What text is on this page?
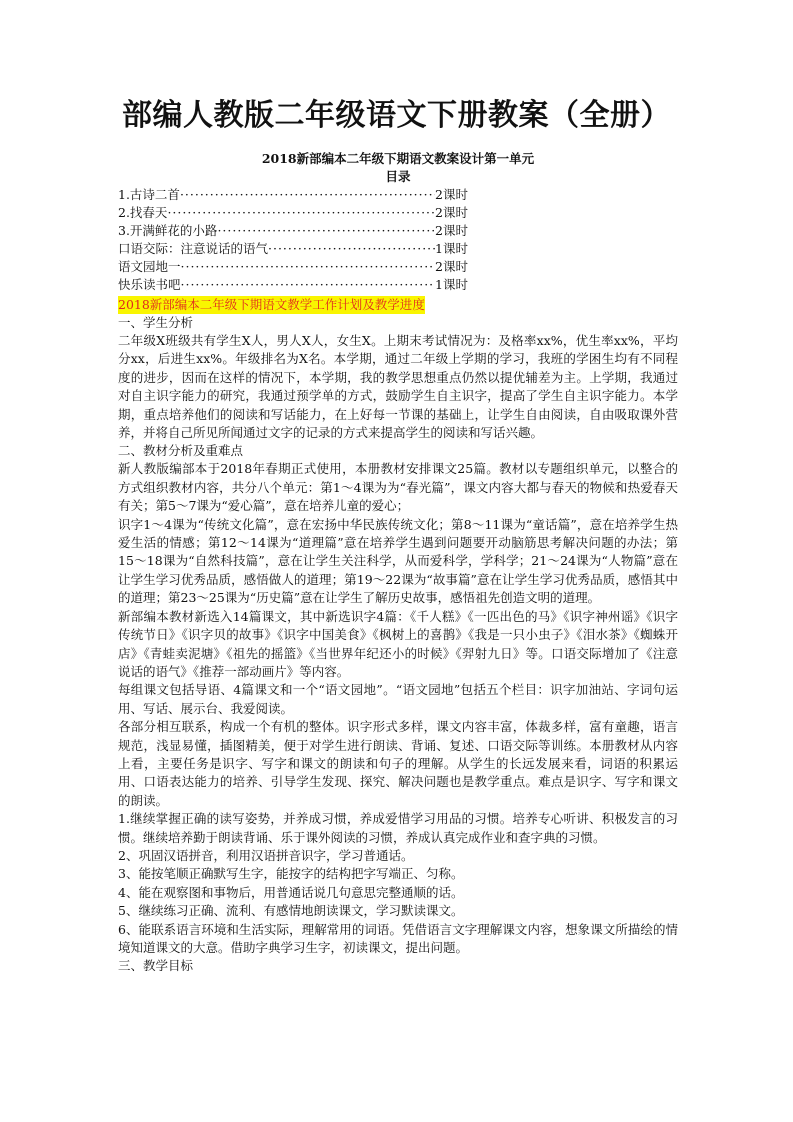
部编人教版二年级语文下册教案（全册）
2018新部编本二年级下期语文教案设计第一单元
目录
1.古诗二首 ·····	2课时
2.找春天 ·····	2课时
3.开满鲜花的小路 ·····	2课时
口语交际：注意说话的语气 ·····	1课时
语文园地一 ·····	2课时
快乐读书吧 ·····	1课时
2018新部编本二年级下期语文教学工作计划及教学进度
一、学生分析

二年级X班级共有学生X人，男人X人，女生X。上期末考试情况为：及格率xx%，优生率xx%，平均分xx，后进生xx%。年级排名为X名。本学期，通过二年级上学期的学习，我班的学困生均有不同程度的进步，因而在这样的情况下，本学期，我的教学思想重点仍然以提优辅差为主。上学期，我通过对自主识字能力的研究，我通过预学单的方式，鼓励学生自主识字，提高了学生自主识字能力。本学期，重点培养他们的阅读和写话能力，在上好每一节课的基础上，让学生自由阅读，自由吸取课外营养，并将自己所见所闻通过文字的记录的方式来提高学生的阅读和写话兴趣。

二、教材分析及重难点

新人教版编部本于2018年春期正式使用，本册教材安排课文25篇。教材以专题组织单元，以整合的方式组织教材内容，共分八个单元：第1～4课为为“春光篇”，课文内容大都与春天的物候和热爱春天有关；第5～7课为“爱心篇”，意在培养儿童的爱心；

识字1～4课为“传统文化篇”，意在宏扬中华民族传统文化；第8～11课为“童话篇”，意在培养学生热爱生活的情感；第12～14课为“道理篇”意在培养学生遇到问题要开动脑筋思考解决问题的办法；第15～18课为“自然科技篇”，意在让学生关注科学，从而爱科学，学科学；21～24课为“人物篇”意在让学生学习优秀品质，感悟做人的道理；第19～22课为“故事篇”意在让学生学习优秀品质，感悟其中的道理；第23～25课为“历史篇”意在让学生了解历史故事，感悟祖先创造文明的道理。

新部编本教材新选入14篇课文，其中新选识字4篇：《千人糕》《一匹出色的马》《识字神州谣》《识字传统节日》《识字贝的故事》《识字中国美食》《枫树上的喜鹊》《我是一只小虫子》《泪水茶》《蜘蛛开店》《青蛙卖泥塘》《祖先的摇篮》《当世界年纪还小的时候》《羿射九日》等。口语交际增加了《注意说话的语气》《推荐一部动画片》等内容。

每组课文包括导语、4篇课文和一个“语文园地”。“语文园地”包括五个栏目：识字加油站、字词句运用、写话、展示台、我爱阅读。

各部分相互联系，构成一个有机的整体。识字形式多样，课文内容丰富，体裁多样，富有童趣，语言规范，浅显易懂，插图精美，便于对学生进行朗读、背诵、复述、口语交际等训练。本册教材从内容上看，主要任务是识字、写字和课文的朗读和句子的理解。从学生的长远发展来看，词语的积累运用、口语表达能力的培养、引导学生发现、探究、解决问题也是教学重点。难点是识字、写字和课文的朗读。

1.继续掌握正确的读写姿势，并养成习惯，养成爱惜学习用品的习惯。培养专心听讲、积极发言的习惯。继续培养勤于朗读背诵、乐于课外阅读的习惯，养成认真完成作业和查字典的习惯。

2、巩固汉语拼音，利用汉语拼音识字，学习普通话。

3、能按笔顺正确默写生字，能按字的结构把字写端正、匀称。

4、能在观察图和事物后，用普通话说几句意思完整通顺的话。

5、继续练习正确、流利、有感情地朗读课文，学习默读课文。

6、能联系语言环境和生活实际，理解常用的词语。凭借语言文字理解课文内容，想象课文所描绘的情境知道课文的大意。借助字典学习生字，初读课文，提出问题。

三、教学目标
